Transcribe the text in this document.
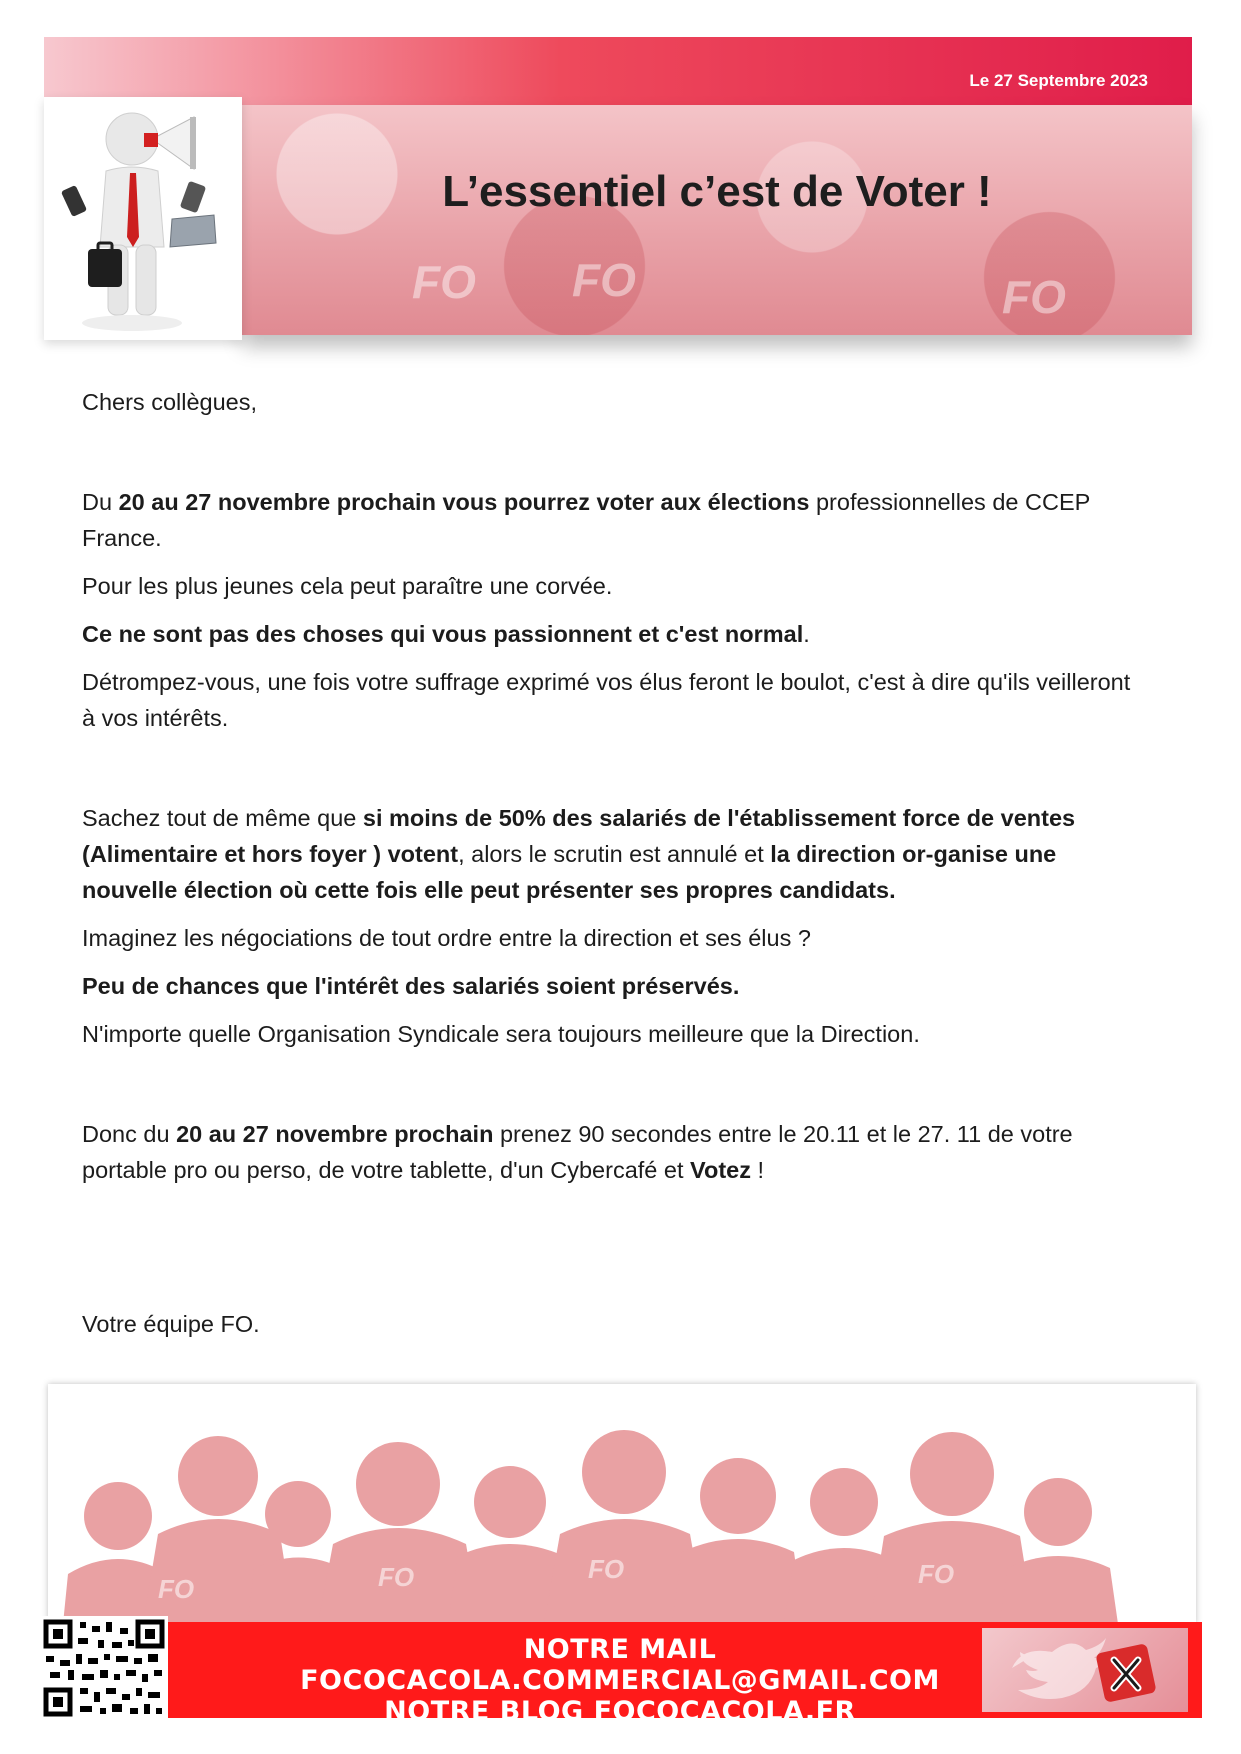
Le 27 Septembre 2023
FO FO	FO
L’essentiel c’est de Voter !

Chers collègues,

Du 20 au 27 novembre prochain vous pourrez voter aux élections professionnelles de CCEP France.

Pour les plus jeunes cela peut paraître une corvée.

Ce ne sont pas des choses qui vous passionnent et c'est normal.

Détrompez-vous, une fois votre suffrage exprimé vos élus feront le boulot, c'est à dire qu'ils veilleront à vos intérêts.

Sachez tout de même que si moins de 50% des salariés de l'établissement force de ventes (Alimentaire et hors foyer ) votent, alors le scrutin est annulé et la direction or-ganise une nouvelle élection où cette fois elle peut présenter ses propres candidats.

Imaginez les négociations de tout ordre entre la direction et ses élus ?

Peu de chances que l'intérêt des salariés soient préservés.

N'importe quelle Organisation Syndicale sera toujours meilleure que la Direction.

Donc du 20 au 27 novembre prochain prenez 90 secondes entre le 20.11 et le 27. 11 de votre portable pro ou perso, de votre tablette, d'un Cybercafé et Votez !

Votre équipe FO.

FO	FO	FO	FO
NOTRE MAIL
FOCOCACOLA.COMMERCIAL@GMAIL.COM
NOTRE BLOG FOCOCACOLA.FR
